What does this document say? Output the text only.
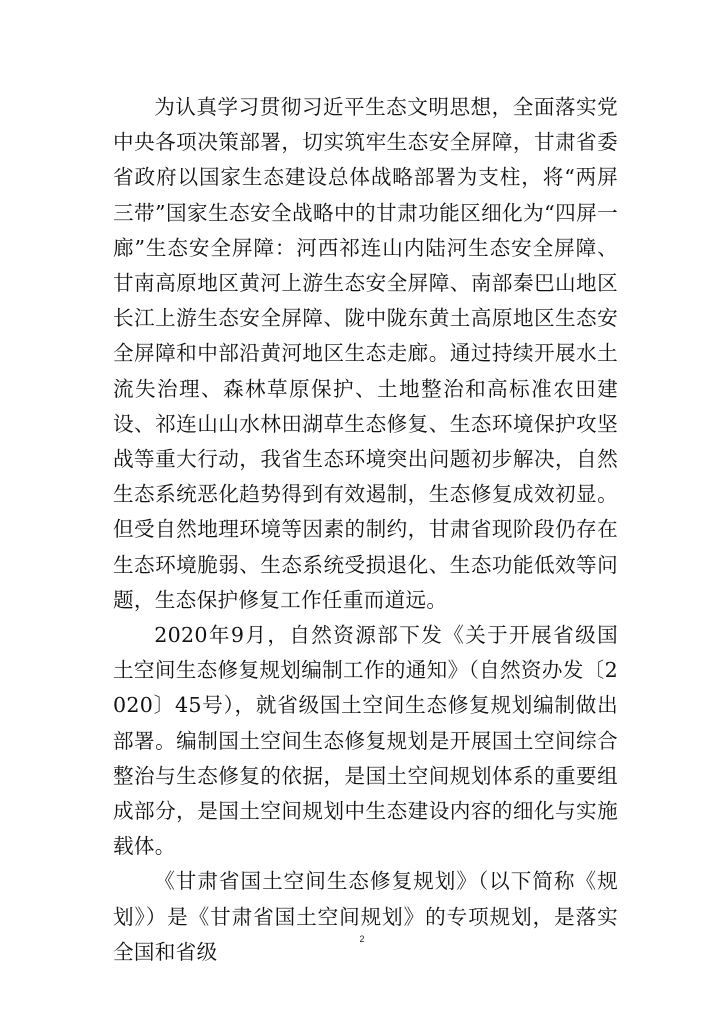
为认真学习贯彻习近平生态文明思想，全面落实党中央各项决策部署，切实筑牢生态安全屏障，甘肃省委省政府以国家生态建设总体战略部署为支柱，将“两屏三带”国家生态安全战略中的甘肃功能区细化为“四屏一廊”生态安全屏障：河西祁连山内陆河生态安全屏障、甘南高原地区黄河上游生态安全屏障、南部秦巴山地区长江上游生态安全屏障、陇中陇东黄土高原地区生态安全屏障和中部沿黄河地区生态走廊。通过持续开展水土流失治理、森林草原保护、土地整治和高标准农田建设、祁连山山水林田湖草生态修复、生态环境保护攻坚战等重大行动，我省生态环境突出问题初步解决，自然生态系统恶化趋势得到有效遏制，生态修复成效初显。但受自然地理环境等因素的制约，甘肃省现阶段仍存在生态环境脆弱、生态系统受损退化、生态功能低效等问题，生态保护修复工作任重而道远。

2020年9月，自然资源部下发《关于开展省级国土空间生态修复规划编制工作的通知》（自然资办发〔2020〕45号），就省级国土空间生态修复规划编制做出部署。编制国土空间生态修复规划是开展国土空间综合整治与生态修复的依据，是国土空间规划体系的重要组成部分，是国土空间规划中生态建设内容的细化与实施载体。

《甘肃省国土空间生态修复规划》（以下简称《规划》）是《甘肃省国土空间规划》的专项规划，是落实全国和省级

2
